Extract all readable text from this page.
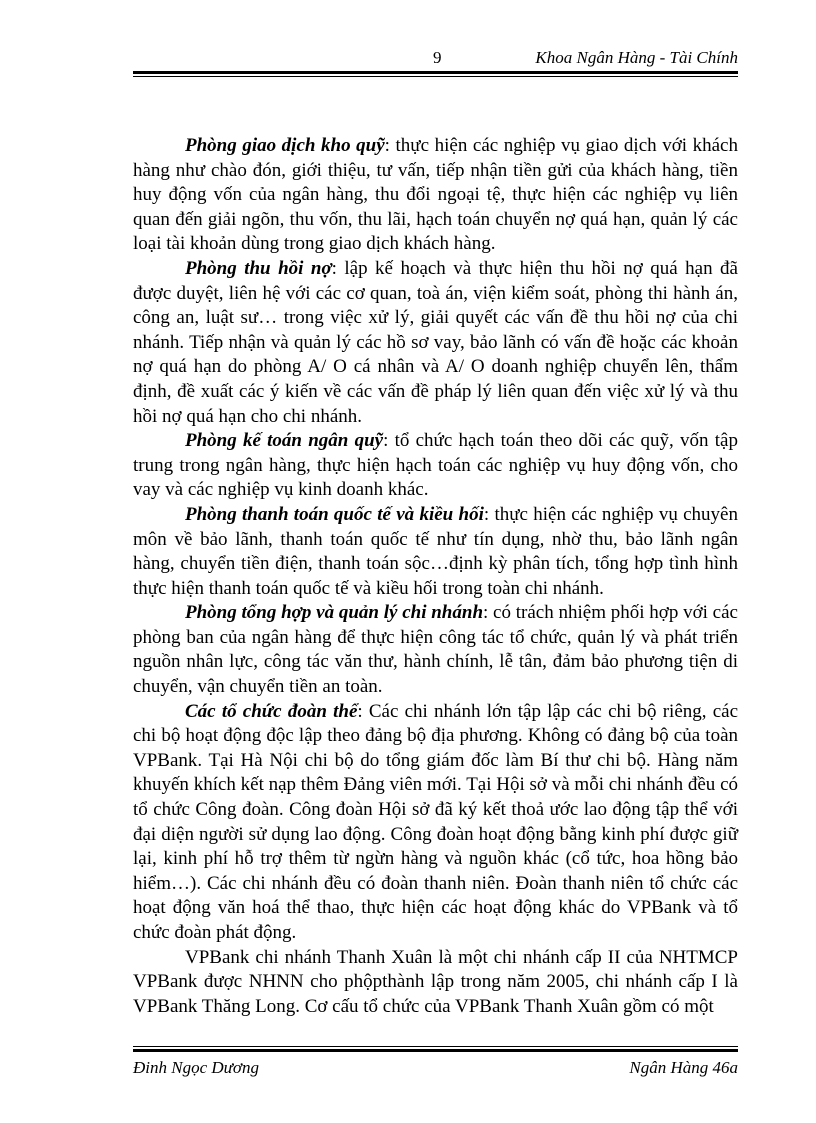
9	Khoa Ngân Hàng - Tài Chính

Phòng giao dịch kho quỹ: thực hiện các nghiệp vụ giao dịch với khách hàng như chào đón, giới thiệu, tư vấn, tiếp nhận tiền gửi của khách hàng, tiền huy động vốn của ngân hàng, thu đổi ngoại tệ, thực hiện các nghiệp vụ liên quan đến giải ngõn, thu vốn, thu lãi, hạch toán chuyển nợ quá hạn, quản lý các loại tài khoản dùng trong giao dịch khách hàng.

Phòng thu hồi nợ: lập kế hoạch và thực hiện thu hồi nợ quá hạn đã được duyệt, liên hệ với các cơ quan, toà án, viện kiểm soát, phòng thi hành án, công an, luật sư… trong việc xử lý, giải quyết các vấn đề thu hồi nợ của chi nhánh. Tiếp nhận và quản lý các hồ sơ vay, bảo lãnh có vấn đề hoặc các khoản nợ quá hạn do phòng A/ O cá nhân và A/ O doanh nghiệp chuyển lên, thẩm định, đề xuất các ý kiến về các vấn đề pháp lý liên quan đến việc xử lý và thu hồi nợ quá hạn cho chi nhánh.

Phòng kế toán ngân quỹ: tổ chức hạch toán theo dõi các quỹ, vốn tập trung trong ngân hàng, thực hiện hạch toán các nghiệp vụ huy động vốn, cho vay và các nghiệp vụ kinh doanh khác.

Phòng thanh toán quốc tế và kiều hối: thực hiện các nghiệp vụ chuyên môn về bảo lãnh, thanh toán quốc tế như tín dụng, nhờ thu, bảo lãnh ngân hàng, chuyển tiền điện, thanh toán sộc…định kỳ phân tích, tổng hợp tình hình thực hiện thanh toán quốc tế và kiều hối trong toàn chi nhánh.

Phòng tổng hợp và quản lý chi nhánh: có trách nhiệm phối hợp với các phòng ban của ngân hàng để thực hiện công tác tổ chức, quản lý và phát triển nguồn nhân lực, công tác văn thư, hành chính, lễ tân, đảm bảo phương tiện di chuyển, vận chuyển tiền an toàn.

Các tổ chức đoàn thể: Các chi nhánh lớn tập lập các chi bộ riêng, các chi bộ hoạt động độc lập theo đảng bộ địa phương. Không có đảng bộ của toàn VPBank. Tại Hà Nội chi bộ do tổng giám đốc làm Bí thư chi bộ. Hàng năm khuyến khích kết nạp thêm Đảng viên mới. Tại Hội sở và mỗi chi nhánh đều có tổ chức Công đoàn. Công đoàn Hội sở đã ký kết thoả ước lao động tập thể với đại diện người sử dụng lao động. Công đoàn hoạt động bằng kinh phí được giữ lại, kinh phí hỗ trợ thêm từ ngừn hàng và nguồn khác (cổ tức, hoa hồng bảo hiểm…). Các chi nhánh đều có đoàn thanh niên. Đoàn thanh niên tổ chức các hoạt động văn hoá thể thao, thực hiện các hoạt động khác do VPBank và tổ chức đoàn phát động.

VPBank chi nhánh Thanh Xuân là một chi nhánh cấp II của NHTMCP VPBank được NHNN cho phộpthành lập trong năm 2005, chi nhánh cấp I là VPBank Thăng Long. Cơ cấu tổ chức của VPBank Thanh Xuân gồm có một

Đinh Ngọc Dương	Ngân Hàng 46a
